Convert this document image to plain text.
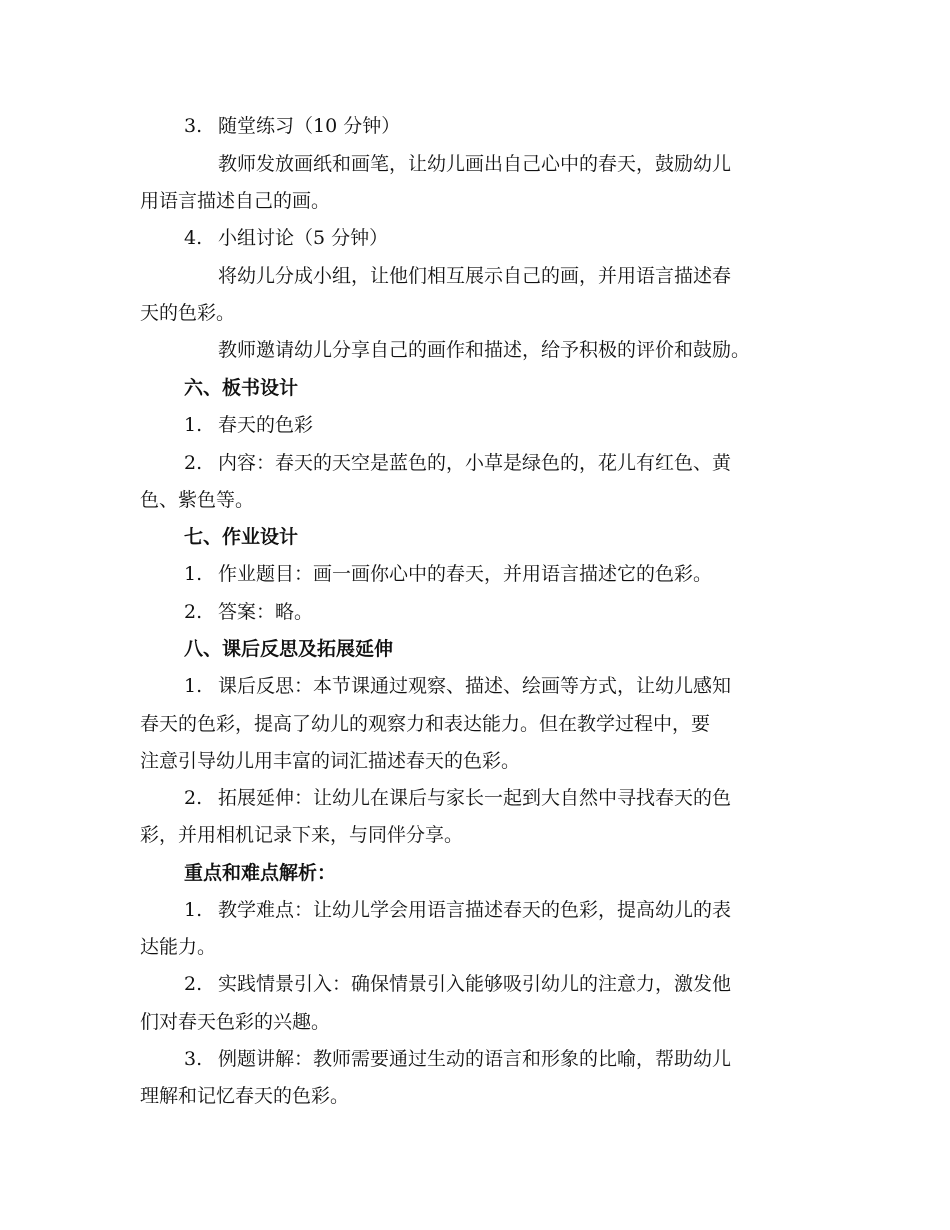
3. 随堂练习（10 分钟）
教师发放画纸和画笔，让幼儿画出自己心中的春天，鼓励幼儿
用语言描述自己的画。
4. 小组讨论（5 分钟）
将幼儿分成小组，让他们相互展示自己的画，并用语言描述春
天的色彩。
教师邀请幼儿分享自己的画作和描述，给予积极的评价和鼓励。
六、板书设计
1. 春天的色彩
2. 内容：春天的天空是蓝色的，小草是绿色的，花儿有红色、黄
色、紫色等。
七、作业设计
1. 作业题目：画一画你心中的春天，并用语言描述它的色彩。
2. 答案：略。
八、课后反思及拓展延伸
1. 课后反思：本节课通过观察、描述、绘画等方式，让幼儿感知
春天的色彩，提高了幼儿的观察力和表达能力。但在教学过程中，要
注意引导幼儿用丰富的词汇描述春天的色彩。
2. 拓展延伸：让幼儿在课后与家长一起到大自然中寻找春天的色
彩，并用相机记录下来，与同伴分享。
重点和难点解析：
1. 教学难点：让幼儿学会用语言描述春天的色彩，提高幼儿的表
达能力。
2. 实践情景引入：确保情景引入能够吸引幼儿的注意力，激发他
们对春天色彩的兴趣。
3. 例题讲解：教师需要通过生动的语言和形象的比喻，帮助幼儿
理解和记忆春天的色彩。
